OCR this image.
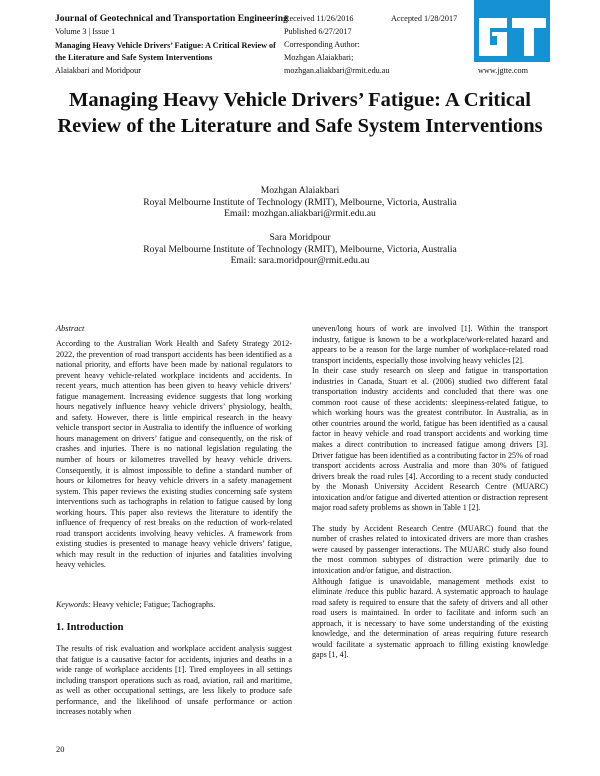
Journal of Geotechnical and Transportation Engineering
Volume 3 | Issue 1
Managing Heavy Vehicle Drivers’ Fatigue: A Critical Review of the Literature and Safe System Interventions
Alaiakbari and Moridpour
Received 11/26/2016	Accepted 1/28/2017
Published 6/27/2017
Corresponding Author:
Mozhgan Alaiakbari;
mozhgan.aliakbari@rmit.edu.au	www.jgtte.com
Managing Heavy Vehicle Drivers’ Fatigue: A Critical Review of the Literature and Safe System Interventions
Mozhgan Alaiakbari
Royal Melbourne Institute of Technology (RMIT), Melbourne, Victoria, Australia
Email: mozhgan.aliakbari@rmit.edu.au
Sara Moridpour
Royal Melbourne Institute of Technology (RMIT), Melbourne, Victoria, Australia
Email: sara.moridpour@rmit.edu.au
Abstract
According to the Australian Work Health and Safety Strategy 2012-2022, the prevention of road transport accidents has been identified as a national priority, and efforts have been made by national regulators to prevent heavy vehicle-related workplace incidents and accidents. In recent years, much attention has been given to heavy vehicle drivers’ fatigue management. Increasing evidence suggests that long working hours negatively influence heavy vehicle drivers’ physiology, health, and safety. However, there is little empirical research in the heavy vehicle transport sector in Australia to identify the influence of working hours management on drivers’ fatigue and consequently, on the risk of crashes and injuries. There is no national legislation regulating the number of hours or kilometres travelled by heavy vehicle drivers. Consequently, it is almost impossible to define a standard number of hours or kilometres for heavy vehicle drivers in a safety management system. This paper reviews the existing studies concerning safe system interventions such as tachographs in relation to fatigue caused by long working hours. This paper also reviews the literature to identify the influence of frequency of rest breaks on the reduction of work-related road transport accidents involving heavy vehicles. A framework from existing studies is presented to manage heavy vehicle drivers’ fatigue, which may result in the reduction of injuries and fatalities involving heavy vehicles.
Keywords: Heavy vehicle; Fatigue; Tachographs.
1. Introduction
The results of risk evaluation and workplace accident analysis suggest that fatigue is a causative factor for accidents, injuries and deaths in a wide range of workplace accidents [1]. Tired employees in all settings including transport operations such as road, aviation, rail and maritime, as well as other occupational settings, are less likely to produce safe performance, and the likelihood of unsafe performance or action increases notably when

uneven/long hours of work are involved [1]. Within the transport industry, fatigue is known to be a workplace/work-related hazard and appears to be a reason for the large number of workplace-related road transport incidents, especially those involving heavy vehicles [2].

In their case study research on sleep and fatigue in transportation industries in Canada, Stuart et al. (2006) studied two different fatal transportation industry accidents and concluded that there was one common root cause of these accidents: sleepiness-related fatigue, to which working hours was the greatest contributor. In Australia, as in other countries around the world, fatigue has been identified as a causal factor in heavy vehicle and road transport accidents and working time makes a direct contribution to increased fatigue among drivers [3]. Driver fatigue has been identified as a contributing factor in 25% of road transport accidents across Australia and more than 30% of fatigued drivers break the road rules [4]. According to a recent study conducted by the Monash University Accident Research Centre (MUARC) intoxication and/or fatigue and diverted attention or distraction represent major road safety problems as shown in Table 1 [2].

The study by Accident Research Centre (MUARC) found that the number of crashes related to intoxicated drivers are more than crashes were caused by passenger interactions. The MUARC study also found the most common subtypes of distraction were primarily due to intoxication and/or fatigue, and distraction.

Although fatigue is unavoidable, management methods exist to eliminate /reduce this public hazard. A systematic approach to haulage road safety is required to ensure that the safety of drivers and all other road users is maintained. In order to facilitate and inform such an approach, it is necessary to have some understanding of the existing knowledge, and the determination of areas requiring future research would facilitate a systematic approach to filling existing knowledge gaps [1, 4].

20
